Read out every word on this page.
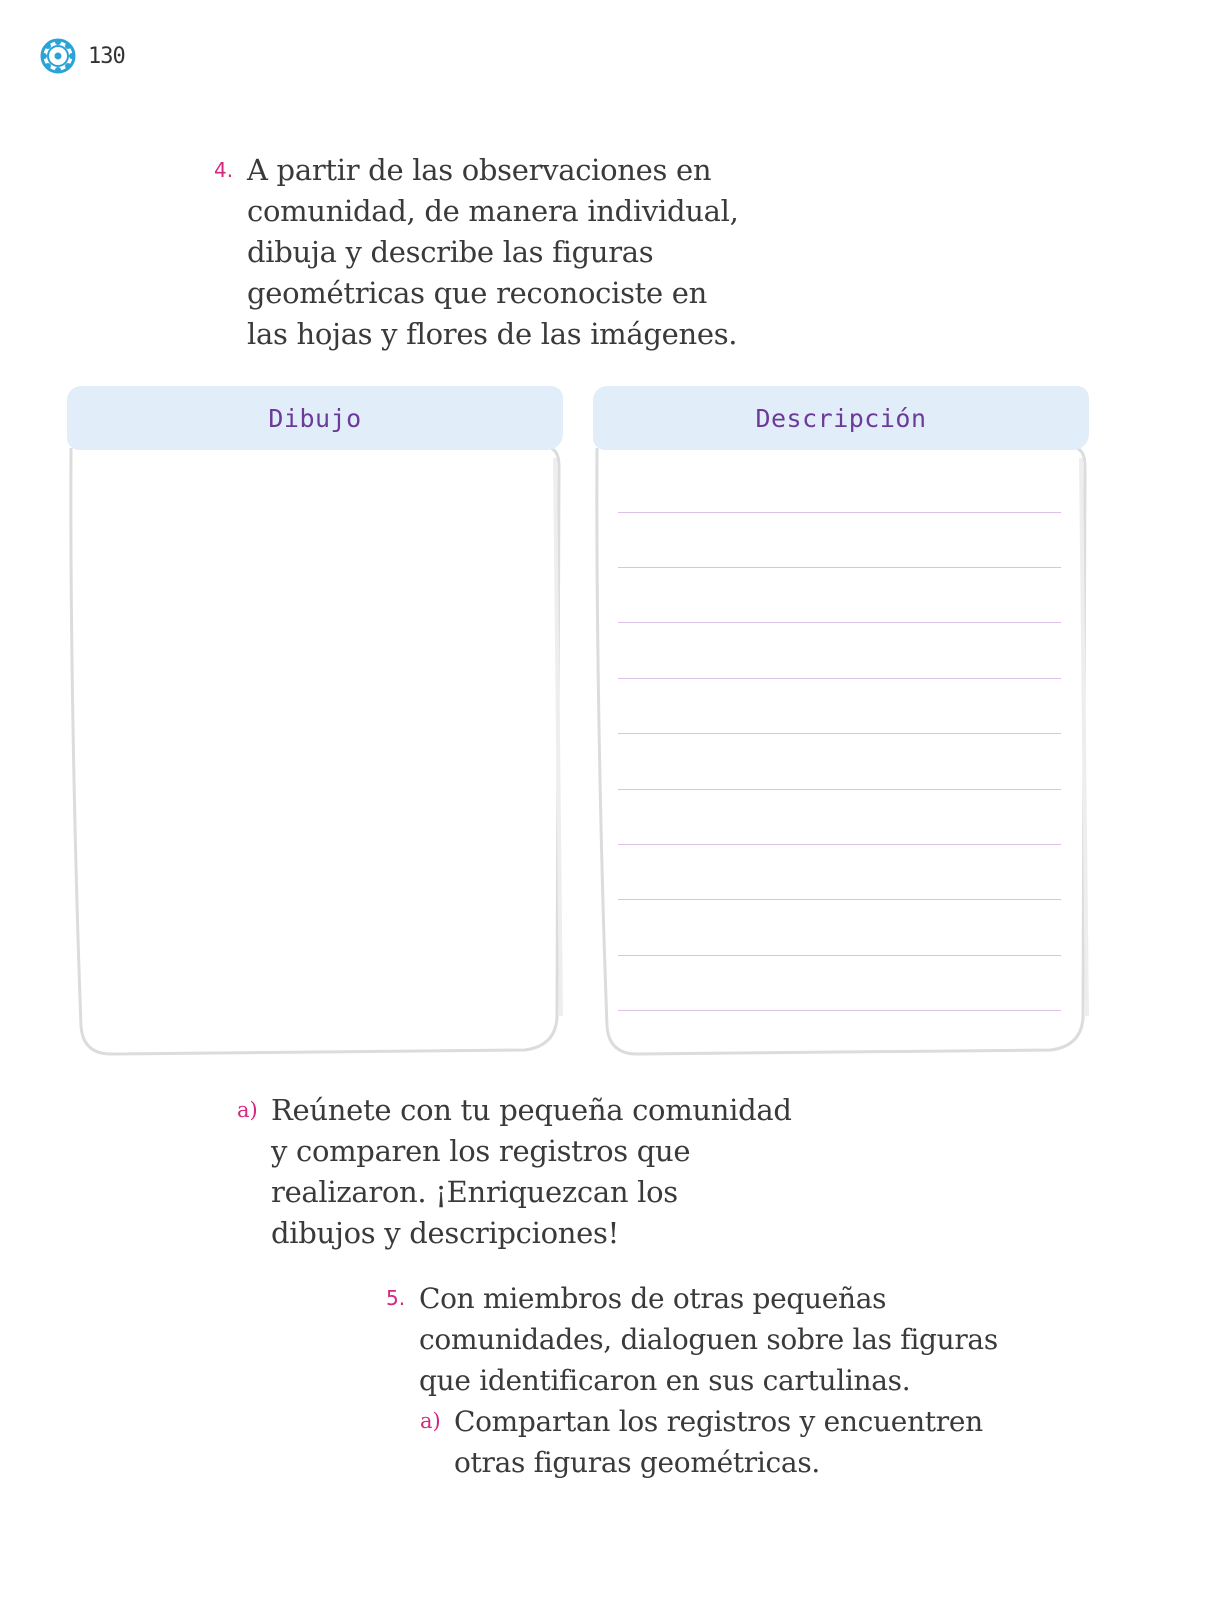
130
4. A partir de las observaciones en
comunidad, de manera individual,
dibuja y describe las figuras
geométricas que reconociste en
las hojas y flores de las imágenes.
Dibujo	Descripción
a) Reúnete con tu pequeña comunidad
y comparen los registros que
realizaron. ¡Enriquezcan los
dibujos y descripciones!
5. Con miembros de otras pequeñas
comunidades, dialoguen sobre las figuras
que identificaron en sus cartulinas.
a) Compartan los registros y encuentren
otras figuras geométricas.
